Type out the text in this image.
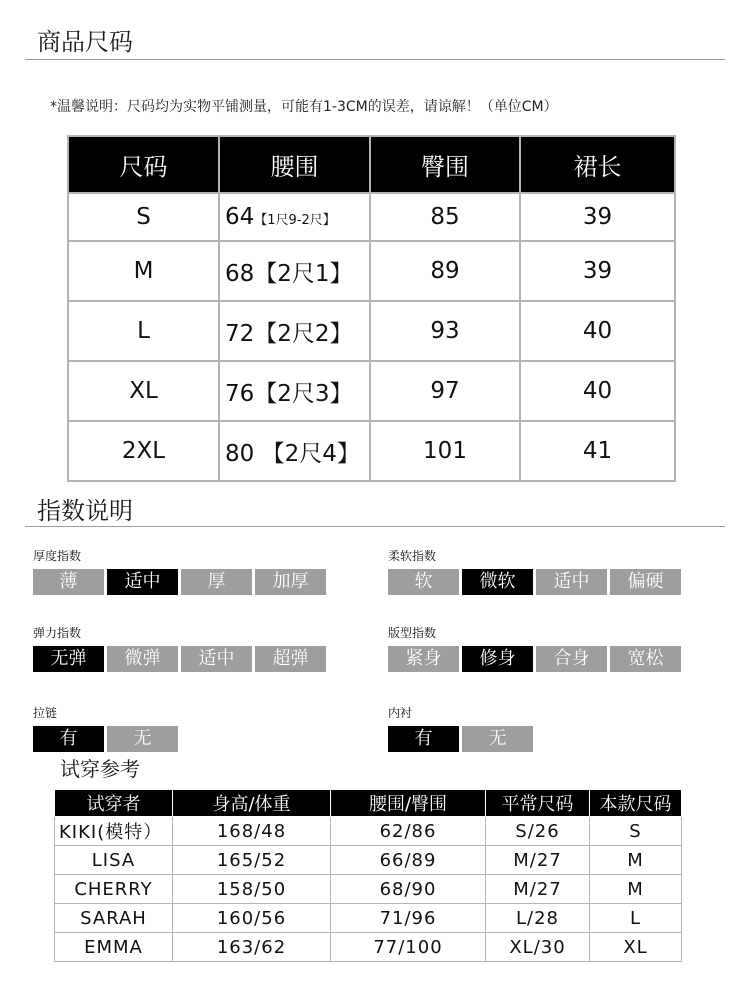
商品尺码
*温馨说明：尺码均为实物平铺测量，可能有1-3CM的误差，请谅解！（单位CM）
尺码	腰围	臀围	裙长
S	64【1尺9-2尺】	85	39
M	68【2尺1】	89	39
L	72【2尺2】	93	40
XL	76【2尺3】	97	40
2XL	80 【2尺4】	101	41
指数说明
厚度指数
薄	适中	厚	加厚
柔软指数
软	微软	适中	偏硬
弹力指数
无弹	微弹	适中	超弹
版型指数
紧身	修身	合身	宽松
拉链
有	无
内衬
有	无
试穿参考
试穿者	身高/体重	腰围/臀围	平常尺码	本款尺码
KIKI(模特）	168/48	62/86	S/26	S
LISA	165/52	66/89	M/27	M
CHERRY	158/50	68/90	M/27	M
SARAH	160/56	71/96	L/28	L
EMMA	163/62	77/100	XL/30	XL
